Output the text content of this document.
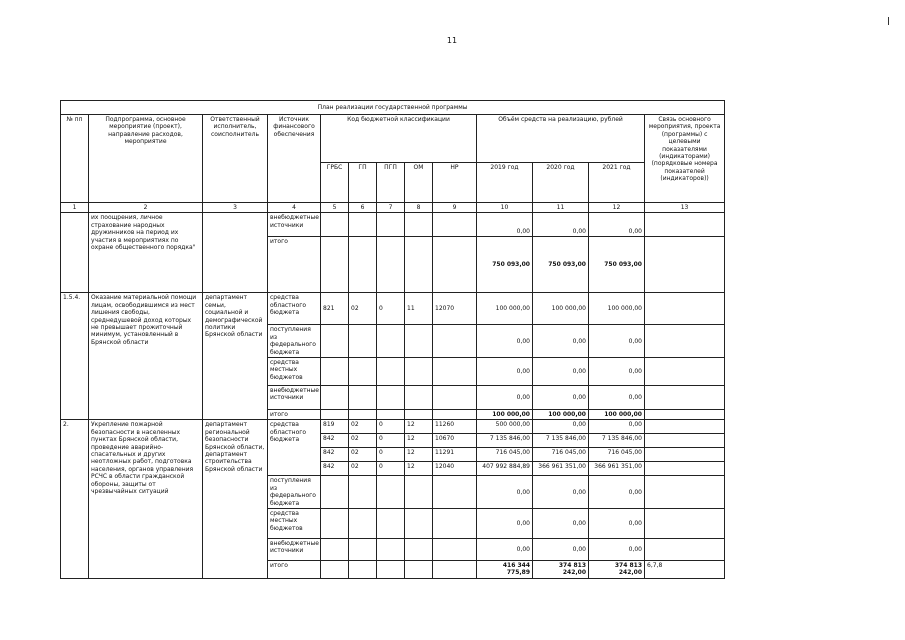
11
План реализации государственной программы												
№ пп	Подпрограмма, основное мероприятие (проект), направление расходов, мероприятие	Ответственный исполнитель, соисполнитель	Источник финансового обеспечения	Код бюджетной классификации					Объём средств на реализацию, рублей			Связь основного мероприятия, проекта (программы) с целевыми показателями (индикаторами) (порядковые номера показателей (индикаторов))
				ГРБС	ГП	ПГП	ОМ	НР	2019 год	2020 год	2021 год	
1	2	3	4	5	6	7	8	9	10	11	12	13
	их поощрения, личное страхование народных дружинников на период их участия в мероприятиях по охране общественного порядка"		внебюджетные источники						0,00	0,00	0,00	
			итого						750 093,00	750 093,00	750 093,00	
1.5.4.	Оказание материальной помощи лицам, освободившимся из мест лишения свободы, среднедушевой доход которых не превышает прожиточный минимум, установленный в Брянской области	департамент семьи, социальной и демографической политики Брянской области	средства областного бюджета	821	02	0	11	12070	100 000,00	100 000,00	100 000,00	
			поступления из федерального бюджета						0,00	0,00	0,00	
			средства местных бюджетов						0,00	0,00	0,00	
			внебюджетные источники						0,00	0,00	0,00	
			итого						100 000,00	100 000,00	100 000,00	
2.	Укрепление пожарной безопасности в населенных пунктах Брянской области, проведение аварийно-спасательных и других неотложных работ, подготовка населения, органов управления РСЧС в области гражданской обороны, защиты от чрезвычайных ситуаций	департамент региональной безопасности Брянской области, департамент строительства Брянской области	средства областного бюджета	819	02	0	12	11260	500 000,00	0,00	0,00	
				842	02	0	12	10670	7 135 846,00	7 135 846,00	7 135 846,00	
				842	02	0	12	11291	716 045,00	716 045,00	716 045,00	
				842	02	0	12	12040	407 992 884,89	366 961 351,00	366 961 351,00	
			поступления из федерального бюджета						0,00	0,00	0,00	
			средства местных бюджетов						0,00	0,00	0,00	
			внебюджетные источники						0,00	0,00	0,00	
			итого						416 344 775,89	374 813 242,00	374 813 242,00	6,7,8
